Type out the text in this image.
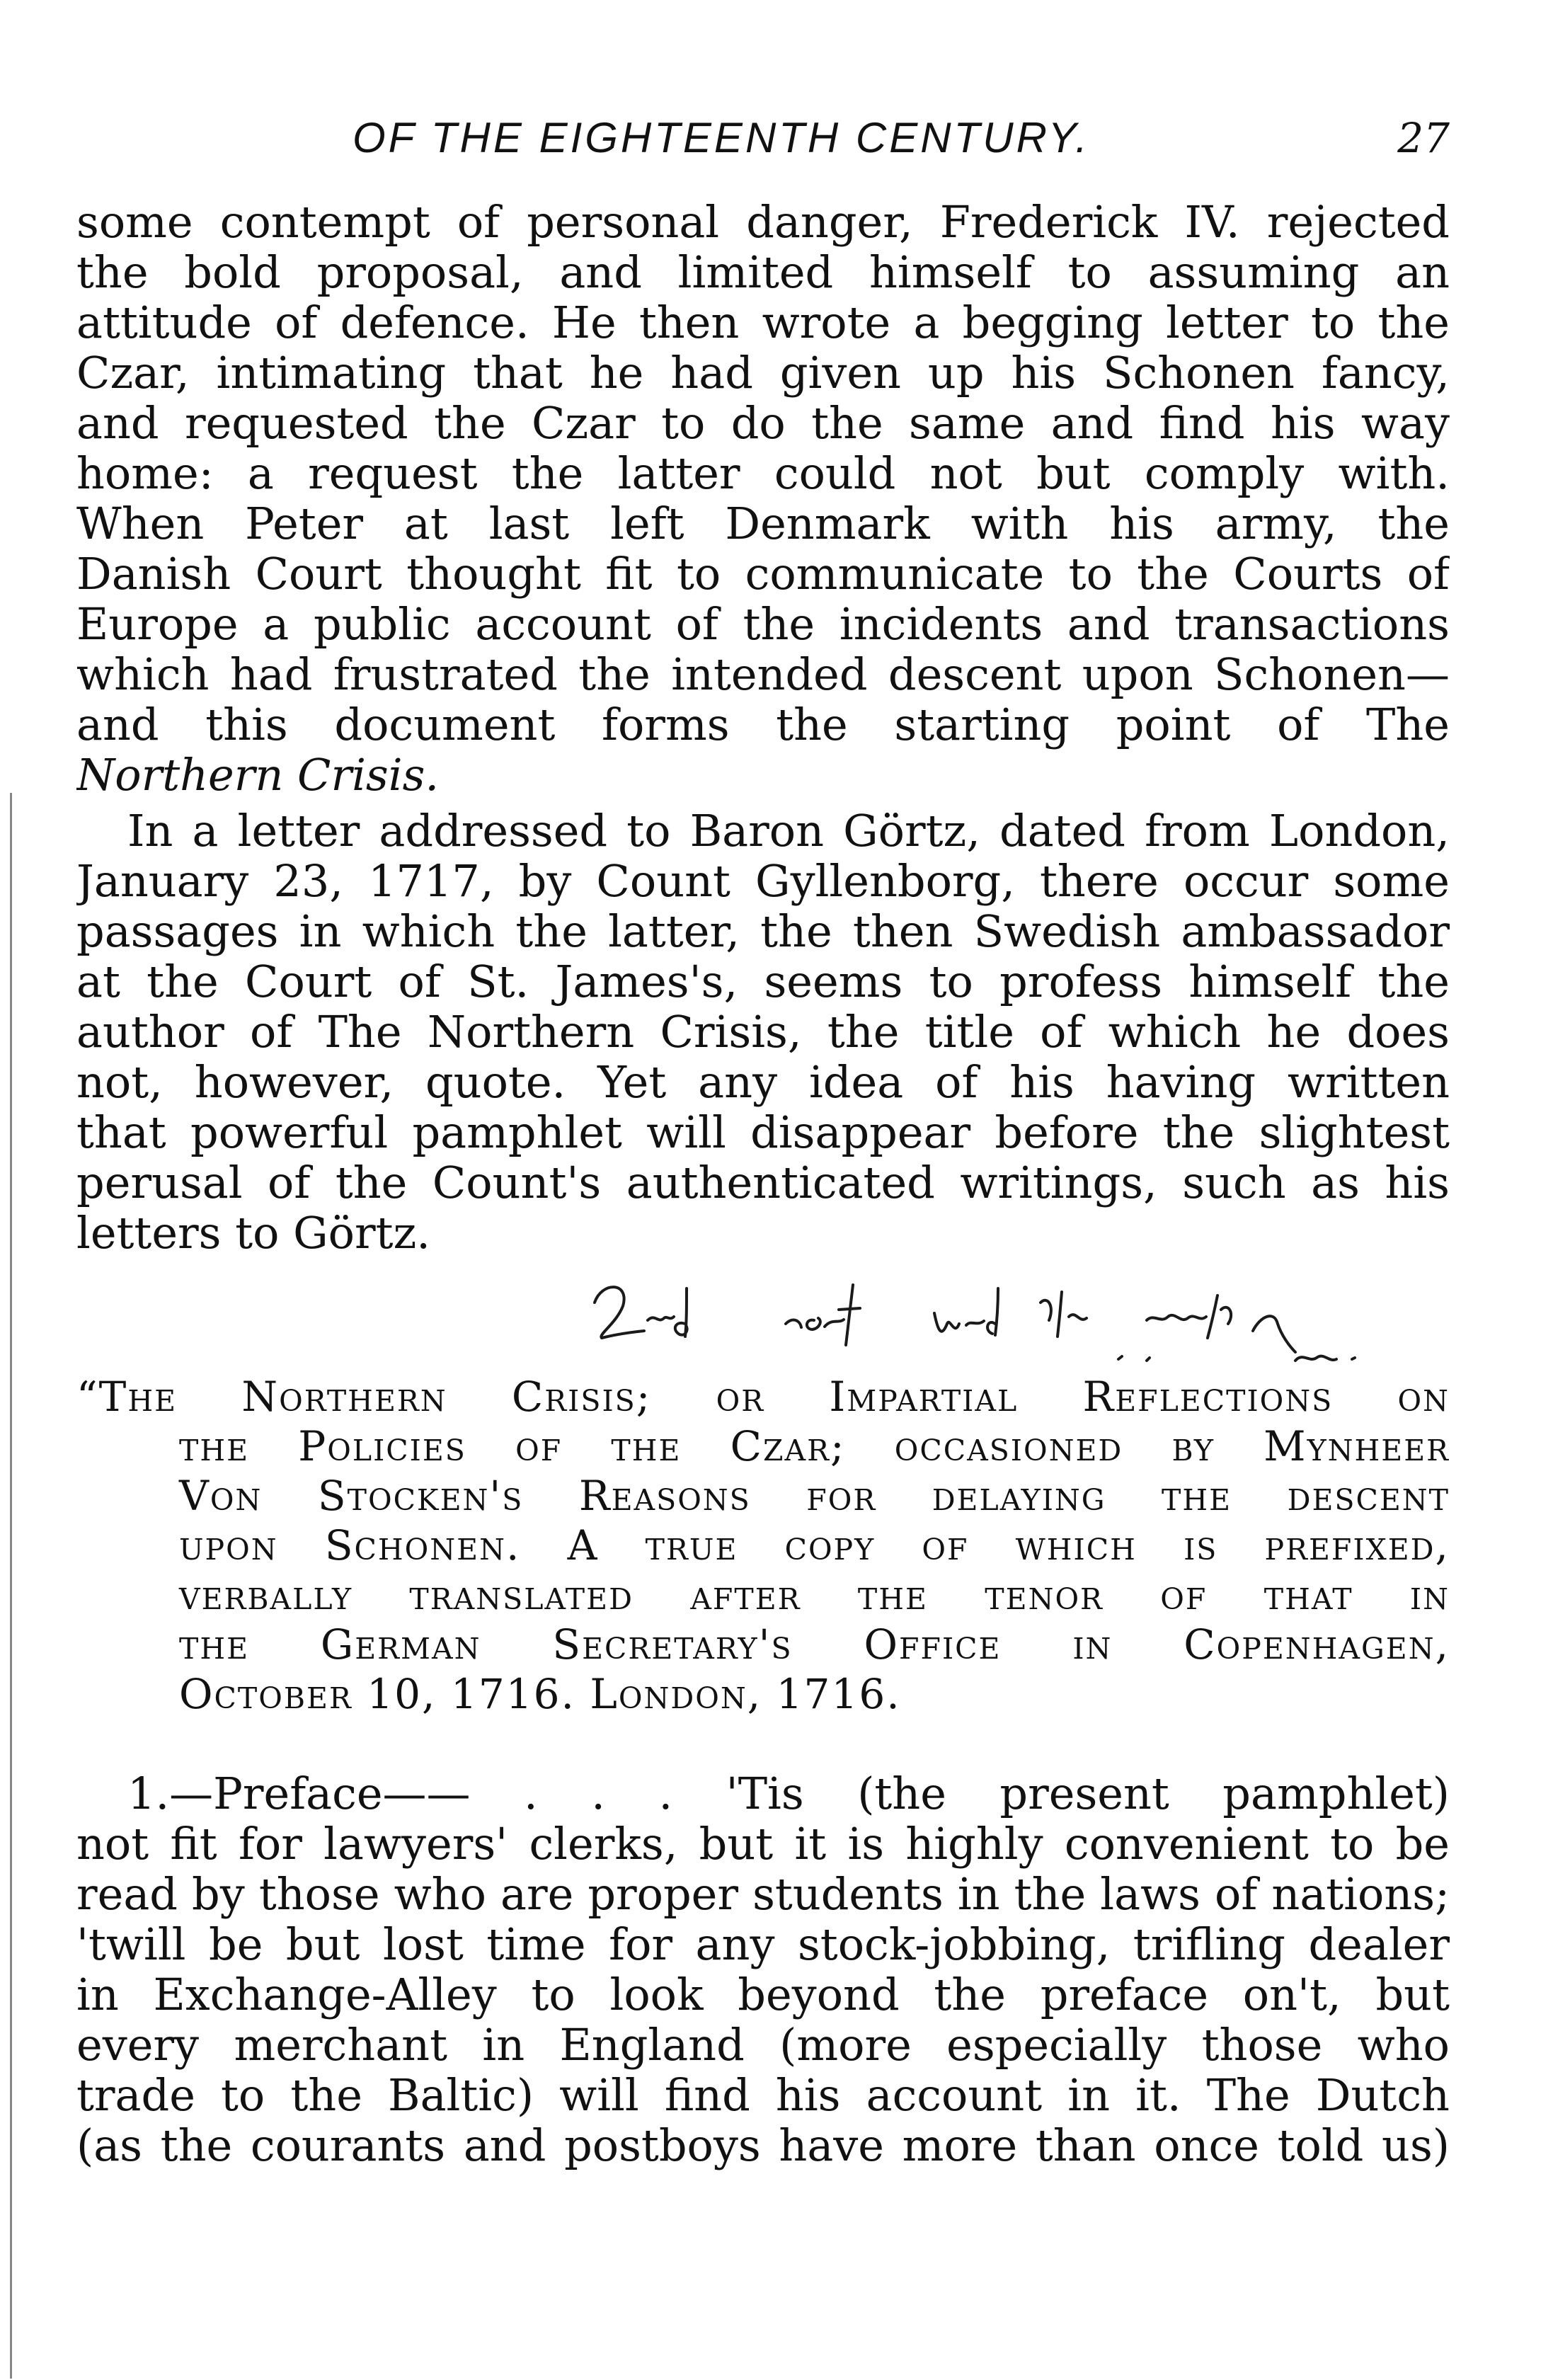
OF THE EIGHTEENTH CENTURY.	27
some contempt of personal danger, Frederick IV. rejected
the bold proposal, and limited himself to assuming an
attitude of defence. He then wrote a begging letter to the
Czar, intimating that he had given up his Schonen fancy,
and requested the Czar to do the same and find his way
home: a request the latter could not but comply with.
When Peter at last left Denmark with his army, the
Danish Court thought fit to communicate to the Courts of
Europe a public account of the incidents and transactions
which had frustrated the intended descent upon Schonen—
and this document forms the starting point of The
Northern Crisis.
In a letter addressed to Baron Görtz, dated from London,
January 23, 1717, by Count Gyllenborg, there occur some
passages in which the latter, the then Swedish ambassador
at the Court of St. James's, seems to profess himself the
author of The Northern Crisis, the title of which he does
not, however, quote. Yet any idea of his having written
that powerful pamphlet will disappear before the slightest
perusal of the Count's authenticated writings, such as his
letters to Görtz.
“The Northern Crisis; or Impartial Reflections on
the Policies of the Czar; occasioned by Mynheer
Von Stocken's Reasons for delaying the descent
upon Schonen. A true copy of which is prefixed,
verbally translated after the tenor of that in
the German Secretary's Office in Copenhagen,
October 10, 1716. London, 1716.
1.—Preface—— . . . 'Tis (the present pamphlet)
not fit for lawyers' clerks, but it is highly convenient to be
read by those who are proper students in the laws of nations;
'twill be but lost time for any stock-jobbing, trifling dealer
in Exchange-Alley to look beyond the preface on't, but
every merchant in England (more especially those who
trade to the Baltic) will find his account in it. The Dutch
(as the courants and postboys have more than once told us)
